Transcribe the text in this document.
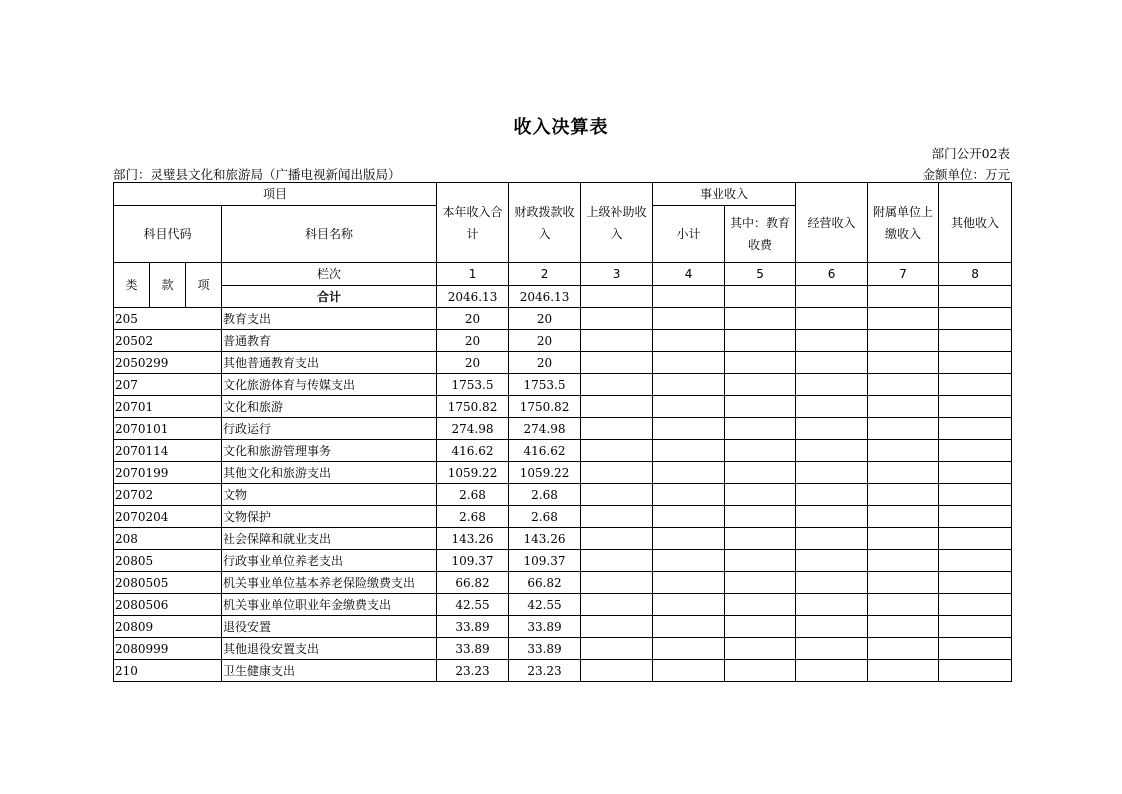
收入决算表
部门公开02表
部门：灵璧县文化和旅游局（广播电视新闻出版局）	金额单位：万元
项目				本年收入合计	财政拨款收入	上级补助收入	事业收入		经营收入	附属单位上缴收入	其他收入
科目代码			科目名称				小计	其中：教育收费			
类	款	项	栏次	1	2	3	4	5	6	7	8
			合计	2046.13	2046.13						
205			教育支出	20	20						
20502			普通教育	20	20						
2050299			其他普通教育支出	20	20						
207			文化旅游体育与传媒支出	1753.5	1753.5						
20701			文化和旅游	1750.82	1750.82						
2070101			行政运行	274.98	274.98						
2070114			文化和旅游管理事务	416.62	416.62						
2070199			其他文化和旅游支出	1059.22	1059.22						
20702			文物	2.68	2.68						
2070204			文物保护	2.68	2.68						
208			社会保障和就业支出	143.26	143.26						
20805			行政事业单位养老支出	109.37	109.37						
2080505			机关事业单位基本养老保险缴费支出	66.82	66.82						
2080506			机关事业单位职业年金缴费支出	42.55	42.55						
20809			退役安置	33.89	33.89						
2080999			其他退役安置支出	33.89	33.89						
210			卫生健康支出	23.23	23.23						
